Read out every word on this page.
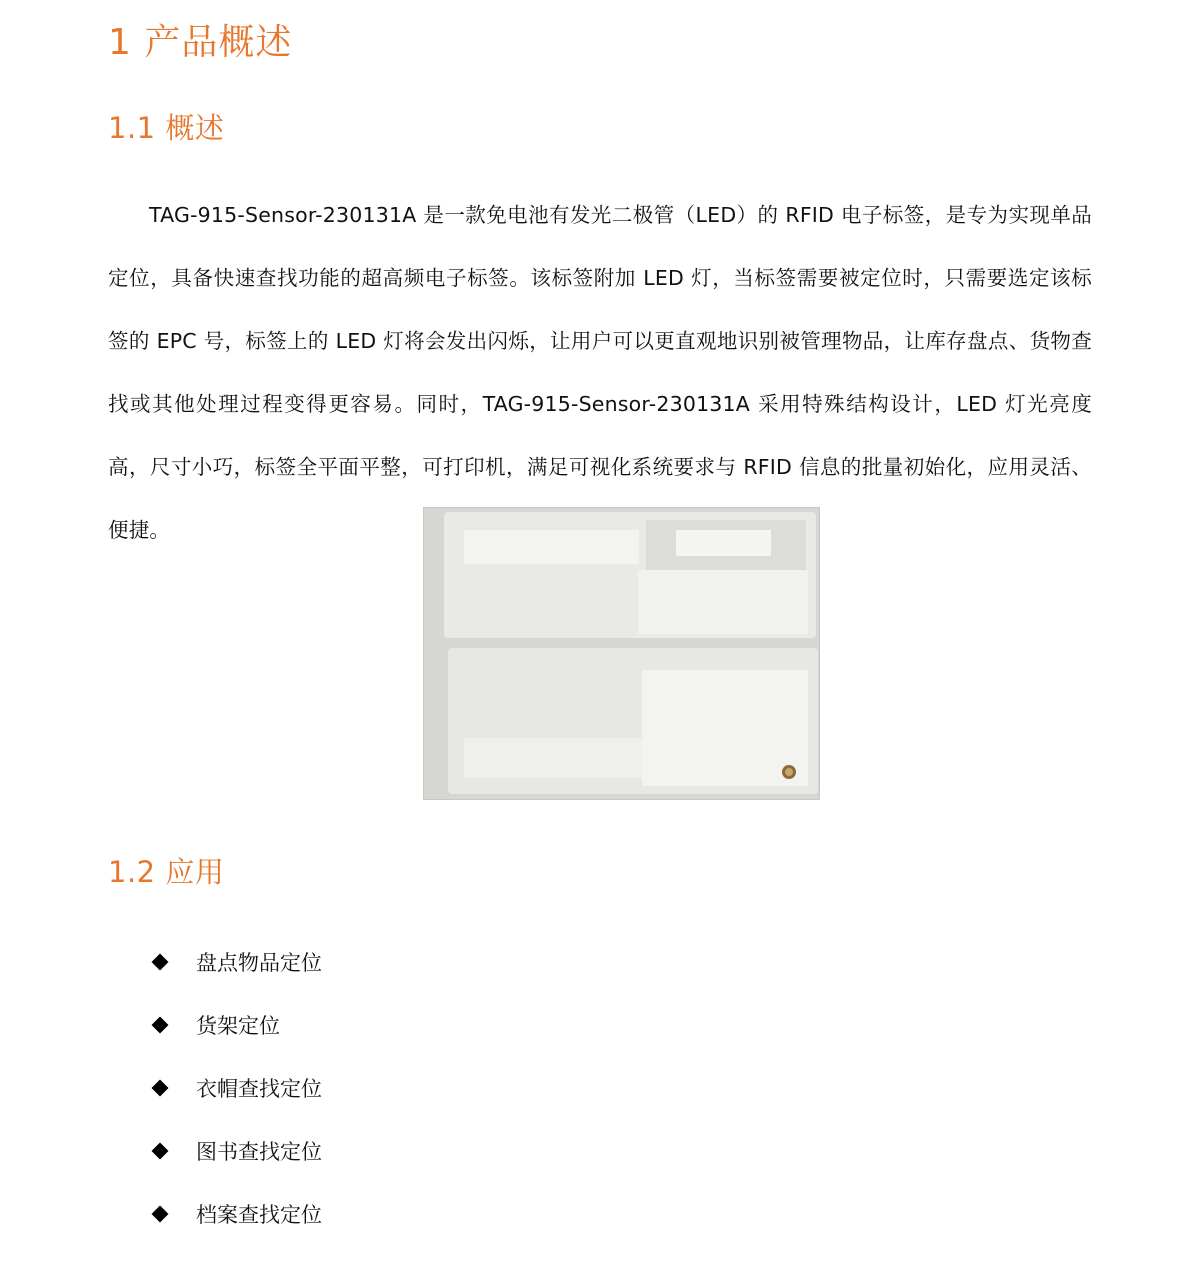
1 产品概述
1.1 概述

TAG-915-Sensor-230131A 是一款免电池有发光二极管（LED）的 RFID 电子标签，是专为实现单品定位，具备快速查找功能的超高频电子标签。该标签附加 LED 灯，当标签需要被定位时，只需要选定该标签的 EPC 号，标签上的 LED 灯将会发出闪烁，让用户可以更直观地识别被管理物品，让库存盘点、货物查找或其他处理过程变得更容易。同时，TAG-915-Sensor-230131A 采用特殊结构设计，LED 灯光亮度高，尺寸小巧，标签全平面平整，可打印机，满足可视化系统要求与 RFID 信息的批量初始化，应用灵活、便捷。

1.2 应用
盘点物品定位
货架定位
衣帽查找定位
图书查找定位
档案查找定位
